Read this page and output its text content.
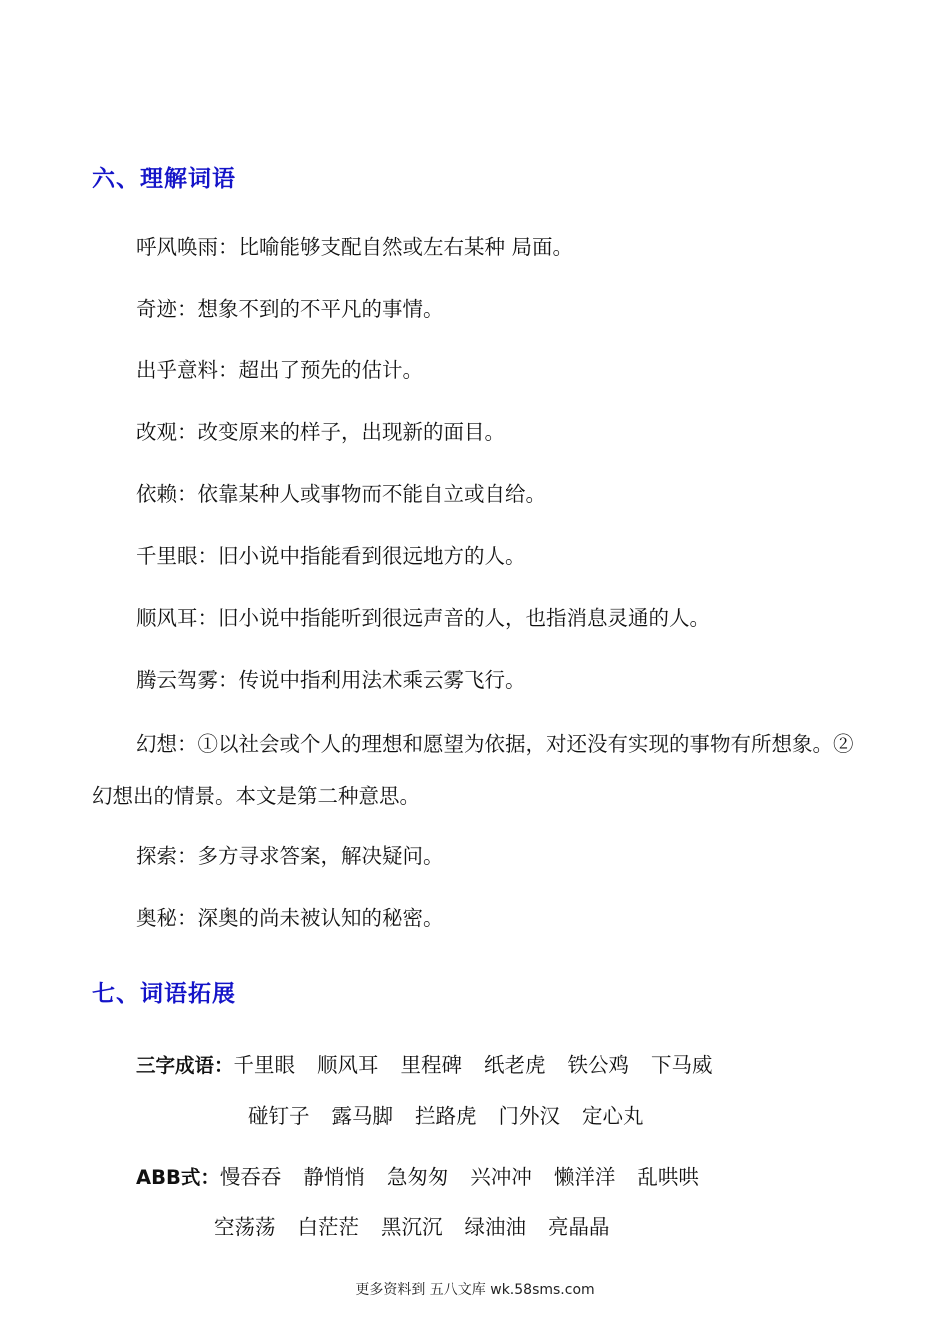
六、理解词语

呼风唤雨：比喻能够支配自然或左右某种 局面。

奇迹：想象不到的不平凡的事情。

出乎意料：超出了预先的估计。

改观：改变原来的样子，出现新的面目。

依赖：依靠某种人或事物而不能自立或自给。

千里眼：旧小说中指能看到很远地方的人。

顺风耳：旧小说中指能听到很远声音的人，也指消息灵通的人。

腾云驾雾：传说中指利用法术乘云雾飞行。

幻想：①以社会或个人的理想和愿望为依据，对还没有实现的事物有所想象。②幻想出的情景。本文是第二种意思。

探索：多方寻求答案，解决疑问。

奥秘：深奥的尚未被认知的秘密。

七、词语拓展
三字成语：千里眼 顺风耳 里程碑 纸老虎 铁公鸡 下马威
碰钉子 露马脚 拦路虎 门外汉 定心丸
ABB式：慢吞吞 静悄悄 急匆匆 兴冲冲 懒洋洋 乱哄哄
空荡荡 白茫茫 黑沉沉 绿油油 亮晶晶
更多资料到 五八文库 wk.58sms.com
